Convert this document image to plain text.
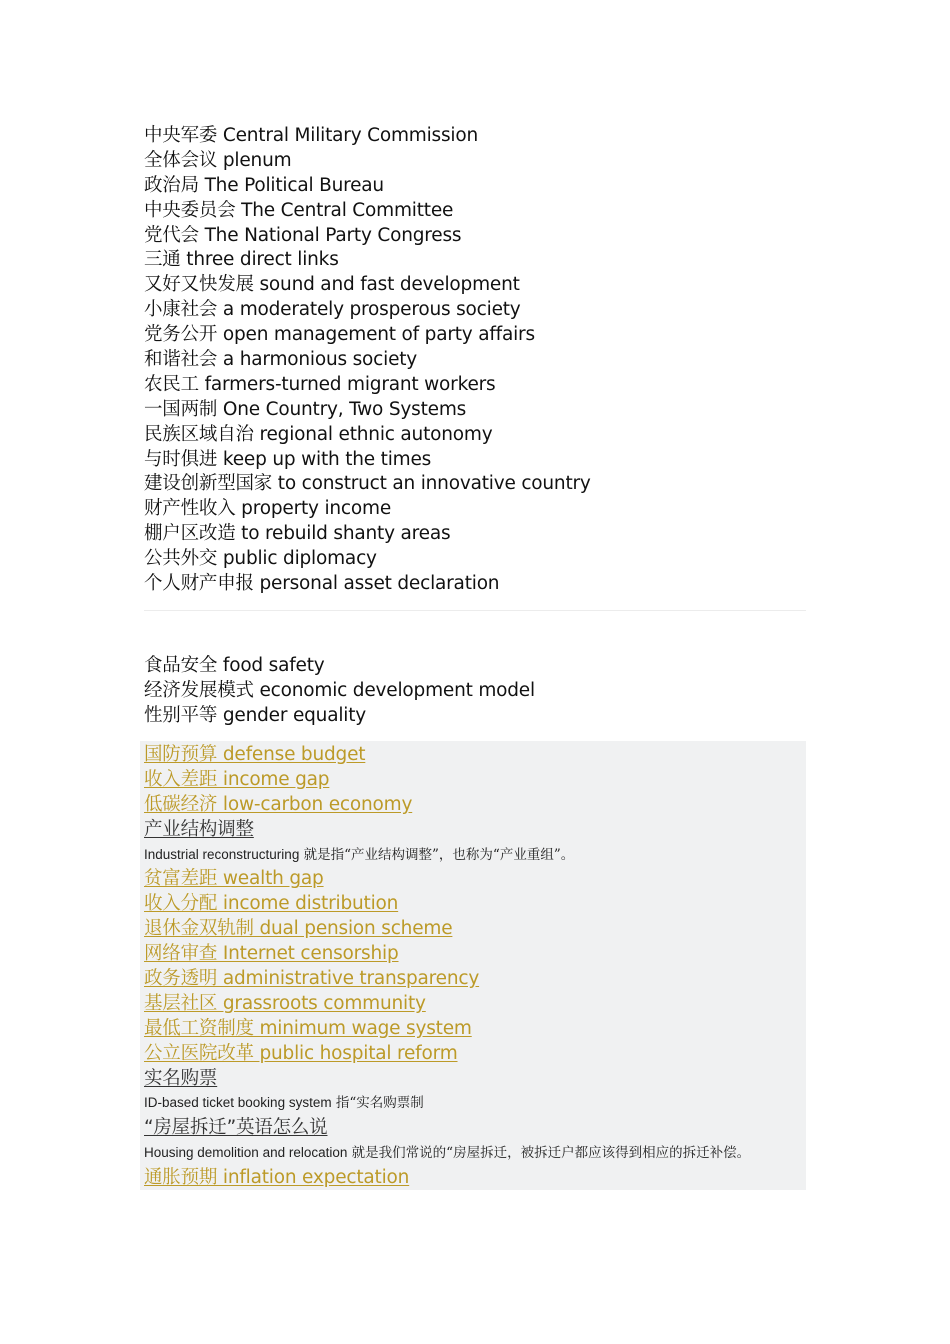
中央军委 Central Military Commission
全体会议 plenum
政治局 The Political Bureau
中央委员会 The Central Committee
党代会 The National Party Congress
三通 three direct links
又好又快发展 sound and fast development
小康社会 a moderately prosperous society
党务公开 open management of party affairs
和谐社会 a harmonious society
农民工 farmers-turned migrant workers
一国两制 One Country, Two Systems
民族区域自治 regional ethnic autonomy
与时俱进 keep up with the times
建设创新型国家 to construct an innovative country
财产性收入 property income
棚户区改造 to rebuild shanty areas
公共外交 public diplomacy
个人财产申报 personal asset declaration
食品安全 food safety
经济发展模式 economic development model
性别平等 gender equality
国防预算 defense budget
收入差距 income gap
低碳经济 low-carbon economy
产业结构调整
Industrial reconstructuring 就是指“产业结构调整”，也称为“产业重组”。
贫富差距 wealth gap
收入分配 income distribution
退休金双轨制 dual pension scheme
网络审查 Internet censorship
政务透明 administrative transparency
基层社区 grassroots community
最低工资制度 minimum wage system
公立医院改革 public hospital reform
实名购票
ID-based ticket booking system 指“实名购票制
“房屋拆迁”英语怎么说
Housing demolition and relocation 就是我们常说的“房屋拆迁，被拆迁户都应该得到相应的拆迁补偿。
通胀预期 inflation expectation
